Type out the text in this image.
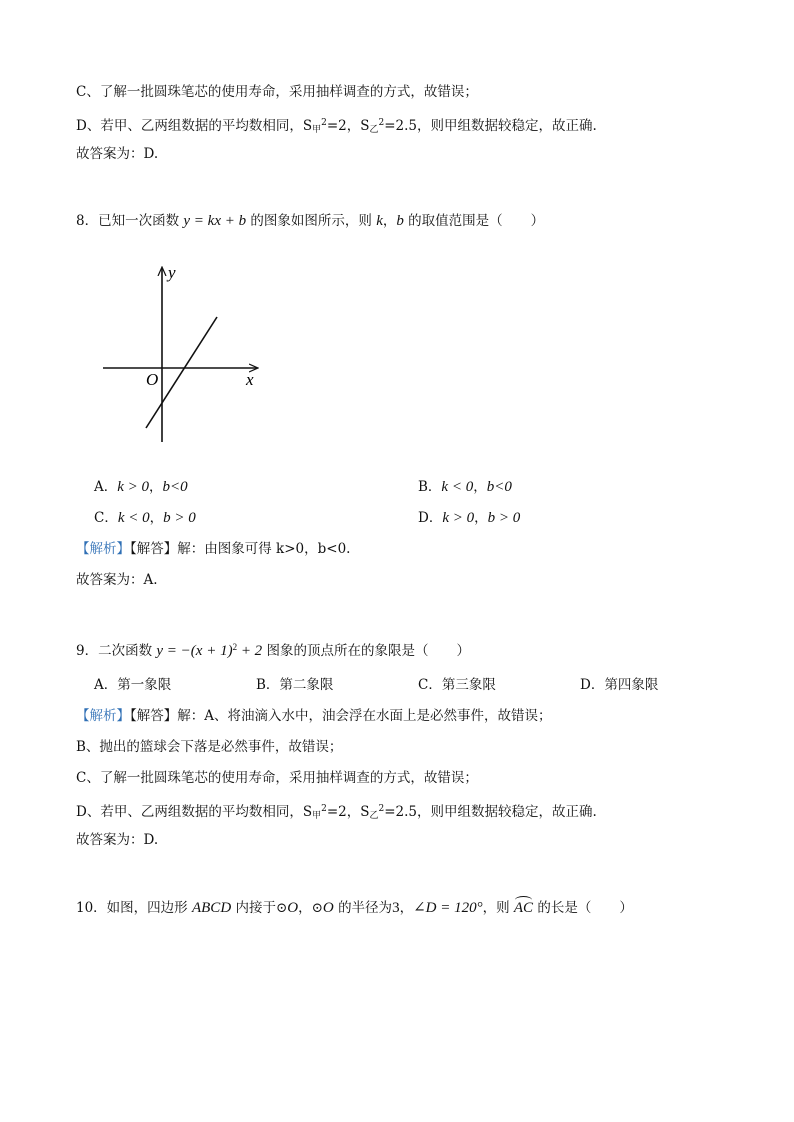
C、了解一批圆珠笔芯的使用寿命，采用抽样调查的方式，故错误；
D、若甲、乙两组数据的平均数相同，$S_甲^2=2$，$S_乙^2=2.5$，则甲组数据较稳定，故正确.
故答案为：D.
8．已知一次函数 y = kx + b 的图象如图所示，则 k，b 的取值范围是（ ）
y
x
O
A．k > 0，b<0	B．k < 0，b<0
C．k < 0，b > 0	D．k > 0，b > 0
【解析】【解答】解：由图象可得 k>0，b<0.
故答案为：A.
9．二次函数 $y = -(x + 1)^2 + 2$ 图象的顶点所在的象限是（ ）
A．第一象限	B．第二象限	C．第三象限	D．第四象限
【解析】【解答】解：A、将油滴入水中，油会浮在水面上是必然事件，故错误；
B、抛出的篮球会下落是必然事件，故错误；
C、了解一批圆珠笔芯的使用寿命，采用抽样调查的方式，故错误；
D、若甲、乙两组数据的平均数相同，$S_甲^2=2$，$S_乙^2=2.5$，则甲组数据较稳定，故正确.
故答案为：D.
10．如图，四边形 ABCD 内接于⊙O，⊙O 的半径为3，∠D = 120°，则 AC 的长是（ ）
